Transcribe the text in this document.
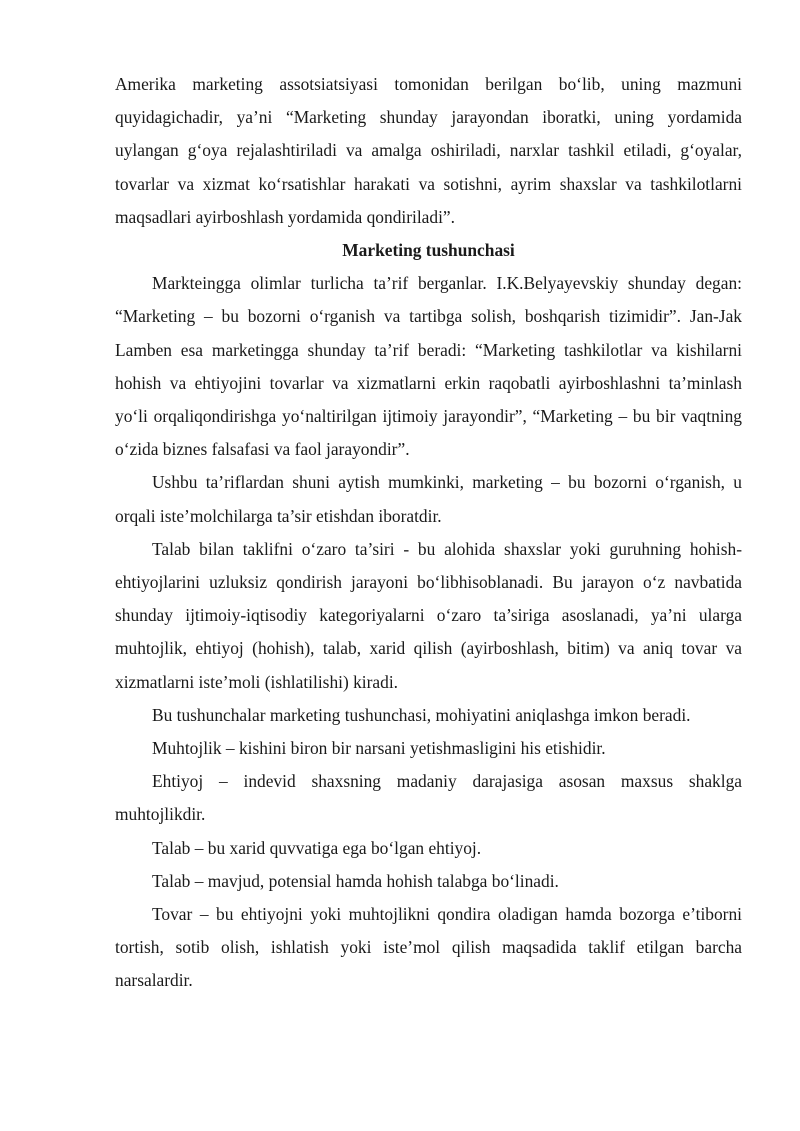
Amerika marketing assotsiatsiyasi tomonidan berilgan bo‘lib, uning mazmuni quyidagichadir, ya’ni “Marketing shunday jarayondan iboratki, uning yordamida uylangan g‘oya rejalashtiriladi va amalga oshiriladi, narxlar tashkil etiladi, g‘oyalar, tovarlar va xizmat ko‘rsatishlar harakati va sotishni, ayrim shaxslar va tashkilotlarni maqsadlari ayirboshlash yordamida qondiriladi”.

Marketing tushunchasi

Markteingga olimlar turlicha ta’rif berganlar. I.K.Belyayevskiy shunday degan: “Marketing – bu bozorni o‘rganish va tartibga solish, boshqarish tizimidir”. Jan-Jak Lamben esa marketingga shunday ta’rif beradi: “Marketing tashkilotlar va kishilarni hohish va ehtiyojini tovarlar va xizmatlarni erkin raqobatli ayirboshlashni ta’minlash yo‘li orqaliqondirishga yo‘naltirilgan ijtimoiy jarayondir”, “Marketing – bu bir vaqtning o‘zida biznes falsafasi va faol jarayondir”.

Ushbu ta’riflardan shuni aytish mumkinki, marketing – bu bozorni o‘rganish, u orqali iste’molchilarga ta’sir etishdan iboratdir.

Talab bilan taklifni o‘zaro ta’siri - bu alohida shaxslar yoki guruhning hohish-ehtiyojlarini uzluksiz qondirish jarayoni bo‘libhisoblanadi. Bu jarayon o‘z navbatida shunday ijtimoiy-iqtisodiy kategoriyalarni o‘zaro ta’siriga asoslanadi, ya’ni ularga muhtojlik, ehtiyoj (hohish), talab, xarid qilish (ayirboshlash, bitim) va aniq tovar va xizmatlarni iste’moli (ishlatilishi) kiradi.

Bu tushunchalar marketing tushunchasi, mohiyatini aniqlashga imkon beradi.

Muhtojlik – kishini biron bir narsani yetishmasligini his etishidir.

Ehtiyoj – indevid shaxsning madaniy darajasiga asosan maxsus shaklga muhtojlikdir.

Talab – bu xarid quvvatiga ega bo‘lgan ehtiyoj.

Talab – mavjud, potensial hamda hohish talabga bo‘linadi.

Tovar – bu ehtiyojni yoki muhtojlikni qondira oladigan hamda bozorga e’tiborni tortish, sotib olish, ishlatish yoki iste’mol qilish maqsadida taklif etilgan barcha narsalardir.
